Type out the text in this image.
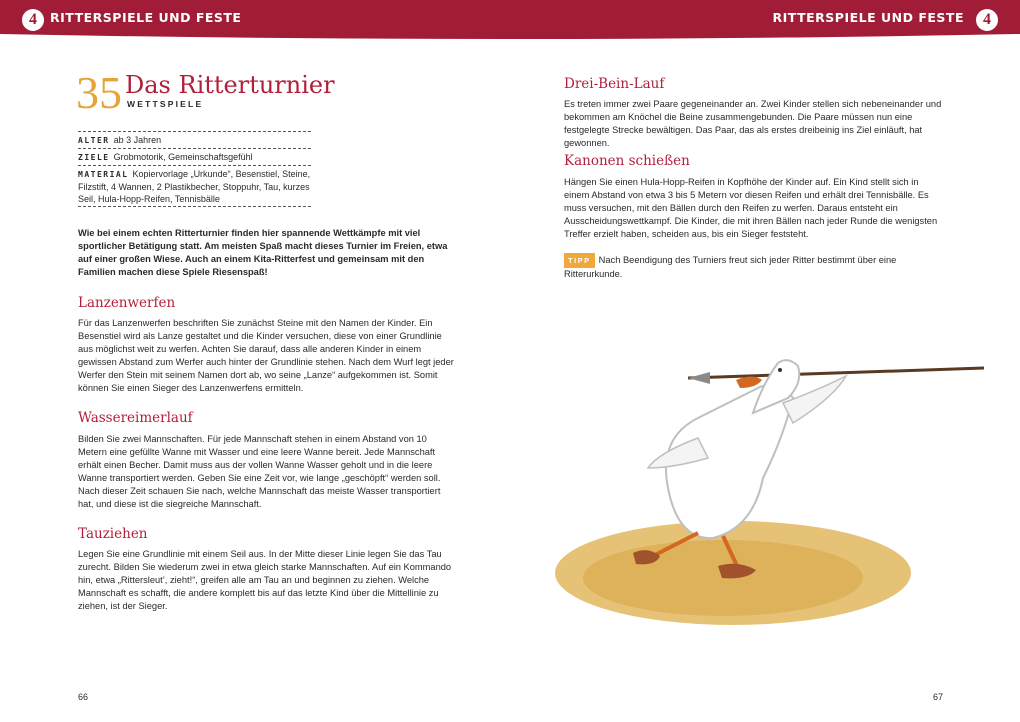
4	RITTERSPIELE UND FESTE	RITTERSPIELE UND FESTE	4
35 Das Ritterturnier
WETTSPIELE
ALTER ab 3 Jahren
ZIELE Grobmotorik, Gemeinschaftsgefühl
MATERIAL Kopiervorlage „Urkunde“, Besenstiel, Steine, Filzstift, 4 Wannen, 2 Plastikbecher, Stoppuhr, Tau, kurzes Seil, Hula-Hopp-Reifen, Tennisbälle
Wie bei einem echten Ritterturnier finden hier spannende Wettkämpfe mit viel sportlicher Betätigung statt. Am meisten Spaß macht dieses Turnier im Freien, etwa auf einer großen Wiese. Auch an einem Kita-Ritterfest und gemeinsam mit den Familien machen diese Spiele Riesenspaß!
Lanzenwerfen
Für das Lanzenwerfen beschriften Sie zunächst Steine mit den Namen der Kinder. Ein Besenstiel wird als Lanze gestaltet und die Kinder versuchen, diese von einer Grundlinie aus möglichst weit zu werfen. Achten Sie darauf, dass alle anderen Kinder in einem gewissen Abstand zum Werfer auch hinter der Grundlinie stehen. Nach dem Wurf legt jeder Werfer den Stein mit seinem Namen dort ab, wo seine „Lanze“ aufgekommen ist. Somit können Sie einen Sieger des Lanzenwerfens ermitteln.
Wassereimerlauf
Bilden Sie zwei Mannschaften. Für jede Mannschaft stehen in einem Abstand von 10 Metern eine gefüllte Wanne mit Wasser und eine leere Wanne bereit. Jede Mannschaft erhält einen Becher. Damit muss aus der vollen Wanne Wasser geholt und in die leere Wanne transportiert werden. Geben Sie eine Zeit vor, wie lange „geschöpft“ werden soll. Nach dieser Zeit schauen Sie nach, welche Mannschaft das meiste Wasser transportiert hat, und diese ist die siegreiche Mannschaft.
Tauziehen
Legen Sie eine Grundlinie mit einem Seil aus. In der Mitte dieser Linie legen Sie das Tau zurecht. Bilden Sie wiederum zwei in etwa gleich starke Mannschaften. Auf ein Kommando hin, etwa „Rittersleut’, zieht!“, greifen alle am Tau an und beginnen zu ziehen. Welche Mannschaft es schafft, die andere komplett bis auf das letzte Kind über die Mittellinie zu ziehen, ist der Sieger.
Drei-Bein-Lauf
Es treten immer zwei Paare gegeneinander an. Zwei Kinder stellen sich nebeneinander und bekommen am Knöchel die Beine zusammengebunden. Die Paare müssen nun eine festgelegte Strecke bewältigen. Das Paar, das als erstes dreibeinig ins Ziel einläuft, hat gewonnen.
Kanonen schießen
Hängen Sie einen Hula-Hopp-Reifen in Kopfhöhe der Kinder auf. Ein Kind stellt sich in einem Abstand von etwa 3 bis 5 Metern vor diesen Reifen und erhält drei Tennisbälle. Es muss versuchen, mit den Bällen durch den Reifen zu werfen. Daraus entsteht ein Ausscheidungswettkampf. Die Kinder, die mit ihren Bällen nach jeder Runde die wenigsten Treffer erzielt haben, scheiden aus, bis ein Sieger feststeht.
TIPP Nach Beendigung des Turniers freut sich jeder Ritter bestimmt über eine Ritterurkunde.
66	67
